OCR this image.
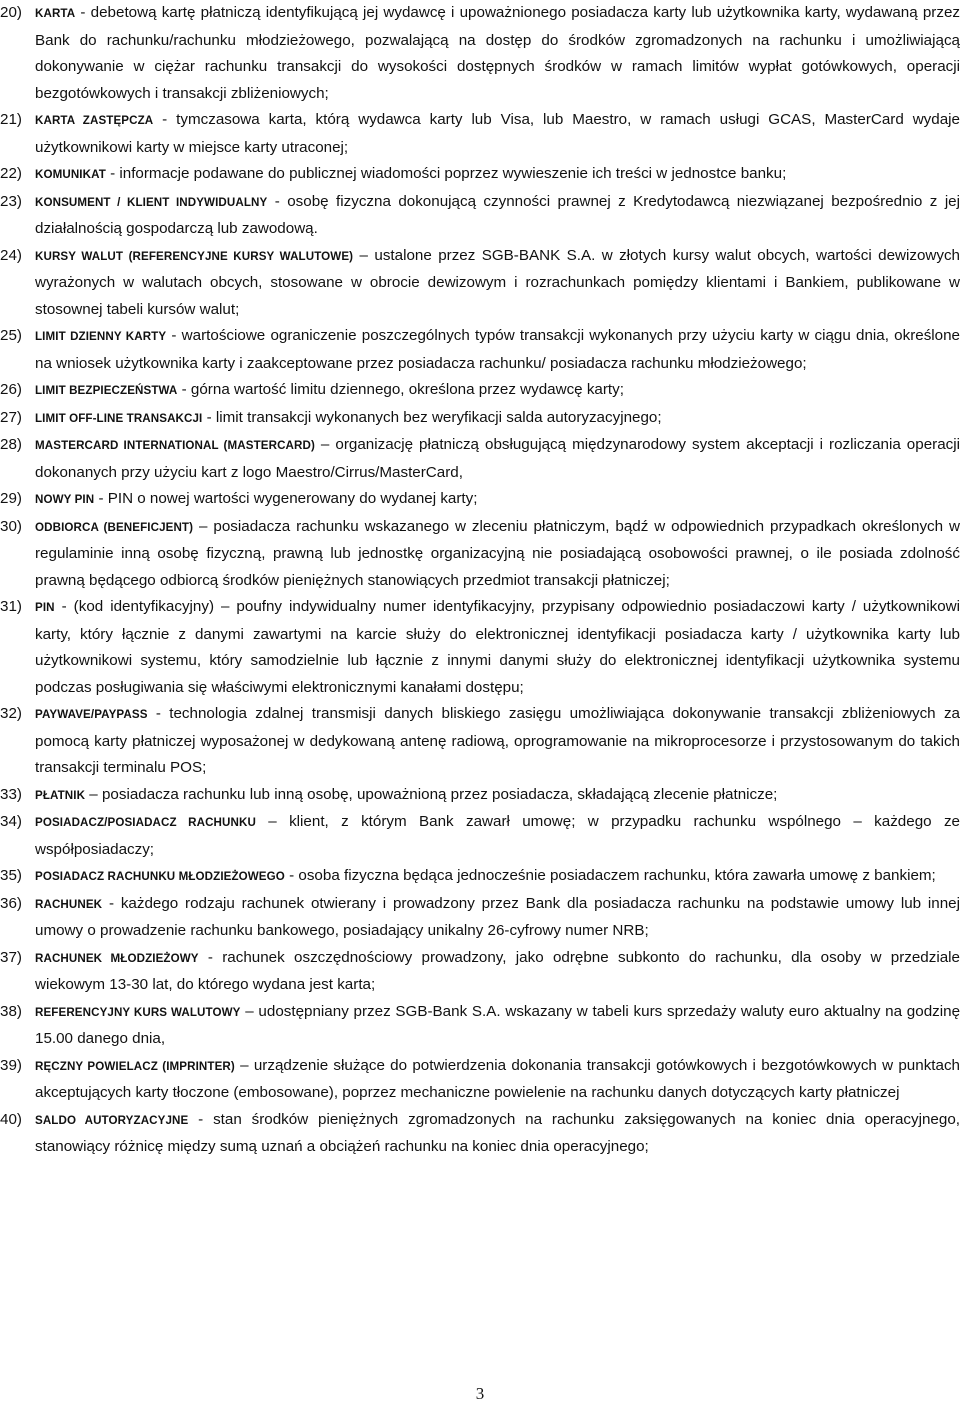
20)	KARTA - debetową kartę płatniczą identyfikującą jej wydawcę i upoważnionego posiadacza karty lub użytkownika karty, wydawaną przez Bank do rachunku/rachunku młodzieżowego, pozwalającą na dostęp do środków zgromadzonych na rachunku i umożliwiającą dokonywanie w ciężar rachunku transakcji do wysokości dostępnych środków w ramach limitów wypłat gotówkowych, operacji bezgotówkowych i transakcji zbliżeniowych;
21)	KARTA ZASTĘPCZA - tymczasowa karta, którą wydawca karty lub Visa, lub Maestro, w ramach usługi GCAS, MasterCard wydaje użytkownikowi karty w miejsce karty utraconej;
22)	KOMUNIKAT - informacje podawane do publicznej wiadomości poprzez wywieszenie ich treści w jednostce banku;
23)	KONSUMENT / KLIENT INDYWIDUALNY - osobę fizyczna dokonującą czynności prawnej z Kredytodawcą niezwiązanej bezpośrednio z jej działalnością gospodarczą lub zawodową.
24)	KURSY WALUT (REFERENCYJNE KURSY WALUTOWE) – ustalone przez SGB-BANK S.A. w złotych kursy walut obcych, wartości dewizowych wyrażonych w walutach obcych, stosowane w obrocie dewizowym i rozrachunkach pomiędzy klientami i Bankiem, publikowane w stosownej tabeli kursów walut;
25)	LIMIT DZIENNY KARTY - wartościowe ograniczenie poszczególnych typów transakcji wykonanych przy użyciu karty w ciągu dnia, określone na wniosek użytkownika karty i zaakceptowane przez posiadacza rachunku/ posiadacza rachunku młodzieżowego;
26)	LIMIT BEZPIECZEŃSTWA - górna wartość limitu dziennego, określona przez wydawcę karty;
27)	LIMIT OFF-LINE TRANSAKCJI - limit transakcji wykonanych bez weryfikacji salda autoryzacyjnego;
28)	MASTERCARD INTERNATIONAL (MASTERCARD) – organizację płatniczą obsługującą międzynarodowy system akceptacji i rozliczania operacji dokonanych przy użyciu kart z logo Maestro/Cirrus/MasterCard,
29)	NOWY PIN - PIN o nowej wartości wygenerowany do wydanej karty;
30)	ODBIORCA (BENEFICJENT) – posiadacza rachunku wskazanego w zleceniu płatniczym, bądź w odpowiednich przypadkach określonych w regulaminie inną osobę fizyczną, prawną lub jednostkę organizacyjną nie posiadającą osobowości prawnej, o ile posiada zdolność prawną będącego odbiorcą środków pieniężnych stanowiących przedmiot transakcji płatniczej;
31)	PIN - (kod identyfikacyjny) – poufny indywidualny numer identyfikacyjny, przypisany odpowiednio posiadaczowi karty / użytkownikowi karty, który łącznie z danymi zawartymi na karcie służy do elektronicznej identyfikacji posiadacza karty / użytkownika karty lub użytkownikowi systemu, który samodzielnie lub łącznie z innymi danymi służy do elektronicznej identyfikacji użytkownika systemu podczas posługiwania się właściwymi elektronicznymi kanałami dostępu;
32)	PAYWAVE/PAYPASS - technologia zdalnej transmisji danych bliskiego zasięgu umożliwiająca dokonywanie transakcji zbliżeniowych za pomocą karty płatniczej wyposażonej w dedykowaną antenę radiową, oprogramowanie na mikroprocesorze i przystosowanym do takich transakcji terminalu POS;
33)	PŁATNIK – posiadacza rachunku lub inną osobę, upoważnioną przez posiadacza, składającą zlecenie płatnicze;
34)	POSIADACZ/POSIADACZ RACHUNKU – klient, z którym Bank zawarł umowę; w przypadku rachunku wspólnego – każdego ze współposiadaczy;
35)	POSIADACZ RACHUNKU MŁODZIEŻOWEGO - osoba fizyczna będąca jednocześnie posiadaczem rachunku, która zawarła umowę z bankiem;
36)	RACHUNEK - każdego rodzaju rachunek otwierany i prowadzony przez Bank dla posiadacza rachunku na podstawie umowy lub innej umowy o prowadzenie rachunku bankowego, posiadający unikalny 26-cyfrowy numer NRB;
37)	RACHUNEK MŁODZIEŻOWY - rachunek oszczędnościowy prowadzony, jako odrębne subkonto do rachunku, dla osoby w przedziale wiekowym 13-30 lat, do którego wydana jest karta;
38)	REFERENCYJNY KURS WALUTOWY – udostępniany przez SGB-Bank S.A. wskazany w tabeli kurs sprzedaży waluty euro aktualny na godzinę 15.00 danego dnia,
39)	RĘCZNY POWIELACZ (IMPRINTER) – urządzenie służące do potwierdzenia dokonania transakcji gotówkowych i bezgotówkowych w punktach akceptujących karty tłoczone (embosowane), poprzez mechaniczne powielenie na rachunku danych dotyczących karty płatniczej
40)	SALDO AUTORYZACYJNE - stan środków pieniężnych zgromadzonych na rachunku zaksięgowanych na koniec dnia operacyjnego, stanowiący różnicę między sumą uznań a obciążeń rachunku na koniec dnia operacyjnego;
3
